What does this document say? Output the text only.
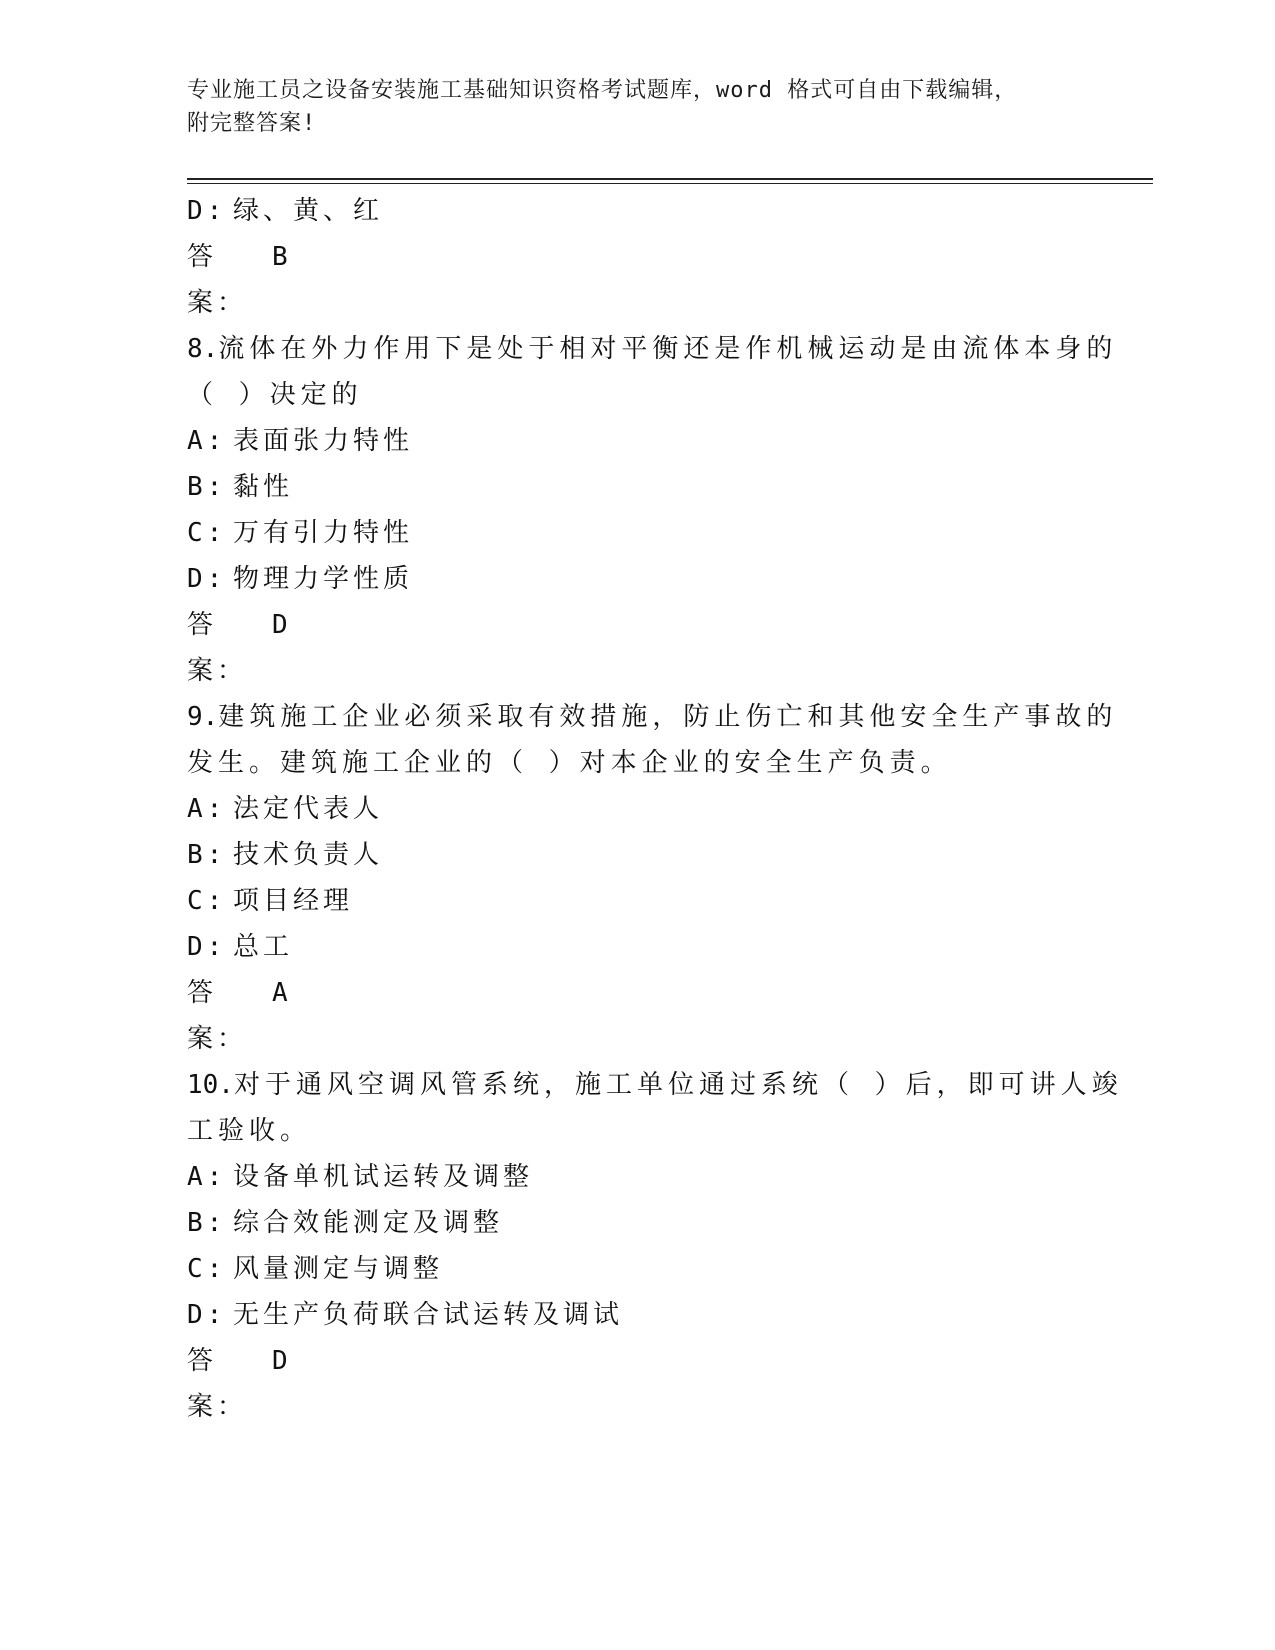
专业施工员之设备安装施工基础知识资格考试题库，word 格式可自由下载编辑，
附完整答案!
D: 绿、黄、红
答案：
B
8.流体在外力作用下是处于相对平衡还是作机械运动是由流体本身的
（ ）决定的
A: 表面张力特性
B: 黏性
C: 万有引力特性
D: 物理力学性质
答案：
D
9.建筑施工企业必须采取有效措施，防止伤亡和其他安全生产事故的
发生。建筑施工企业的（ ）对本企业的安全生产负责。
A: 法定代表人
B: 技术负责人
C: 项目经理
D: 总工
答案：
A
10.对于通风空调风管系统，施工单位通过系统（ ）后，即可讲人竣
工验收。
A: 设备单机试运转及调整
B: 综合效能测定及调整
C: 风量测定与调整
D: 无生产负荷联合试运转及调试
答案：
D
